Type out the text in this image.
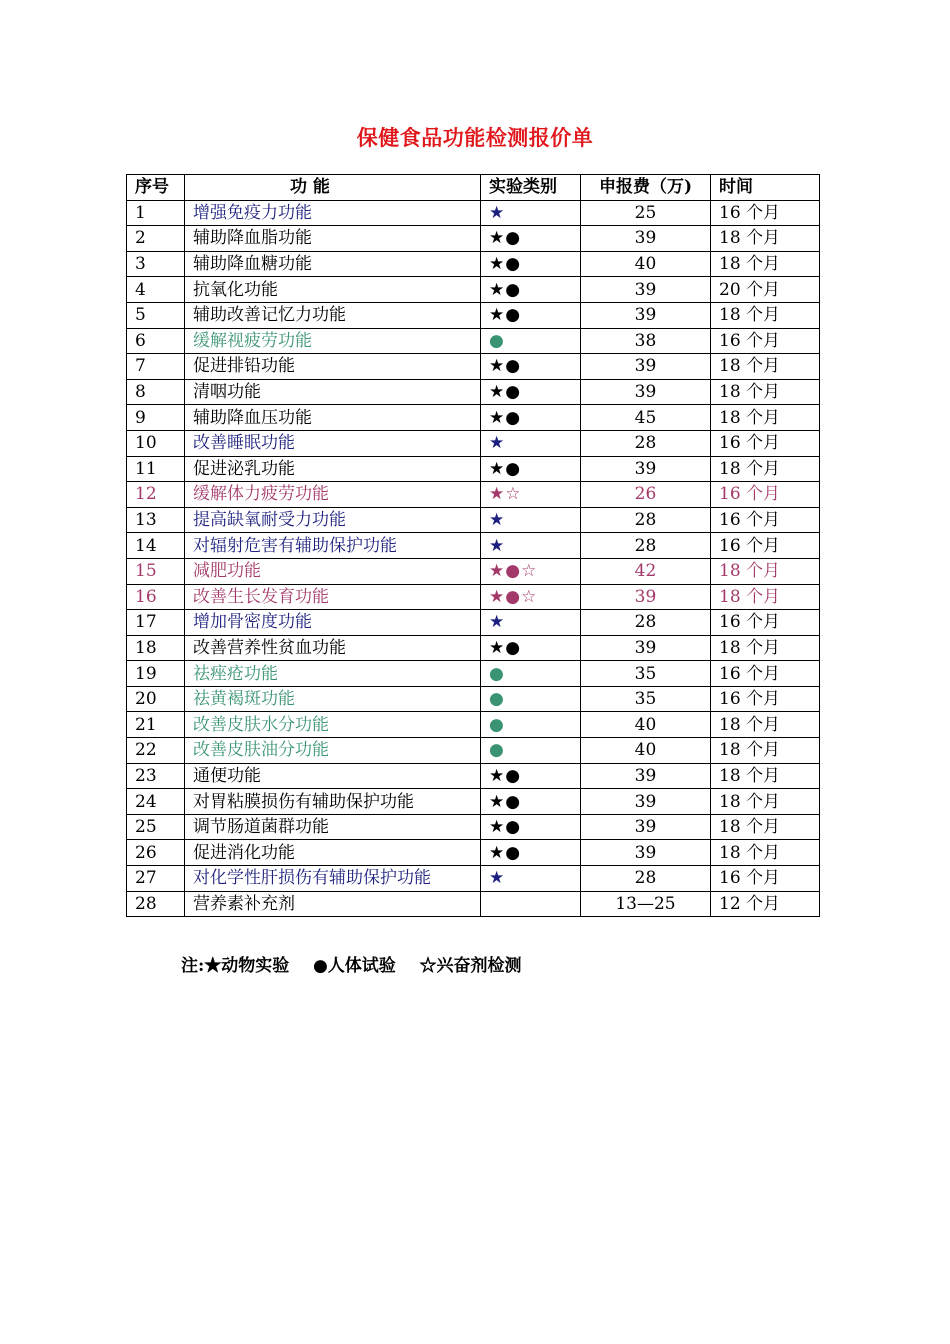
保健食品功能检测报价单
序号	功 能	实验类别	申报费（万)	时间
1	增强免疫力功能	★	25	16 个月
2	辅助降血脂功能	★●	39	18 个月
3	辅助降血糖功能	★●	40	18 个月
4	抗氧化功能	★●	39	20 个月
5	辅助改善记忆力功能	★●	39	18 个月
6	缓解视疲劳功能	●	38	16 个月
7	促进排铅功能	★●	39	18 个月
8	清咽功能	★●	39	18 个月
9	辅助降血压功能	★●	45	18 个月
10	改善睡眠功能	★	28	16 个月
11	促进泌乳功能	★●	39	18 个月
12	缓解体力疲劳功能	★☆	26	16 个月
13	提高缺氧耐受力功能	★	28	16 个月
14	对辐射危害有辅助保护功能	★	28	16 个月
15	减肥功能	★●☆	42	18 个月
16	改善生长发育功能	★●☆	39	18 个月
17	增加骨密度功能	★	28	16 个月
18	改善营养性贫血功能	★●	39	18 个月
19	祛痤疮功能	●	35	16 个月
20	祛黄褐斑功能	●	35	16 个月
21	改善皮肤水分功能	●	40	18 个月
22	改善皮肤油分功能	●	40	18 个月
23	通便功能	★●	39	18 个月
24	对胃粘膜损伤有辅助保护功能	★●	39	18 个月
25	调节肠道菌群功能	★●	39	18 个月
26	促进消化功能	★●	39	18 个月
27	对化学性肝损伤有辅助保护功能	★	28	16 个月
28	营养素补充剂		13—25	12 个月
注:★动物实验    ●人体试验    ☆兴奋剂检测
